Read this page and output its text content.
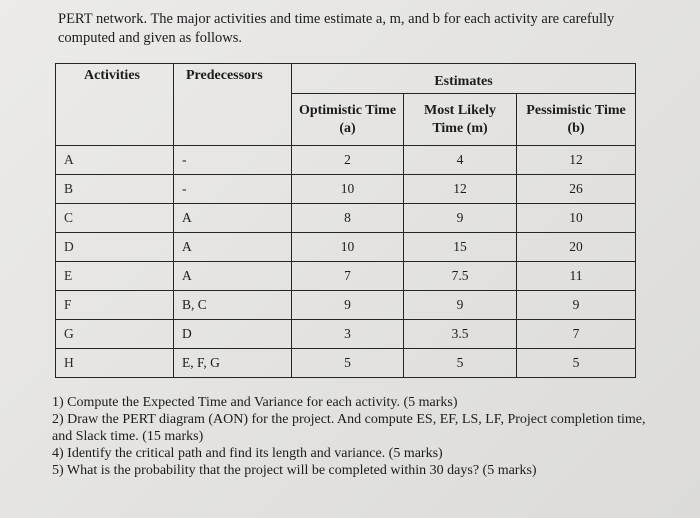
PERT network. The major activities and time estimate a, m, and b for each activity are carefully computed and given as follows.
Activities	Predecessors	Estimates		
		Optimistic Time (a)	Most Likely Time (m)	Pessimistic Time (b)
A	-	2	4	12
B	-	10	12	26
C	A	8	9	10
D	A	10	15	20
E	A	7	7.5	11
F	B, C	9	9	9
G	D	3	3.5	7
H	E, F, G	5	5	5
1) Compute the Expected Time and Variance for each activity. (5 marks)
2) Draw the PERT diagram (AON) for the project. And compute ES, EF, LS, LF, Project completion time, and Slack time. (15 marks)
4) Identify the critical path and find its length and variance. (5 marks)
5) What is the probability that the project will be completed within 30 days? (5 marks)
